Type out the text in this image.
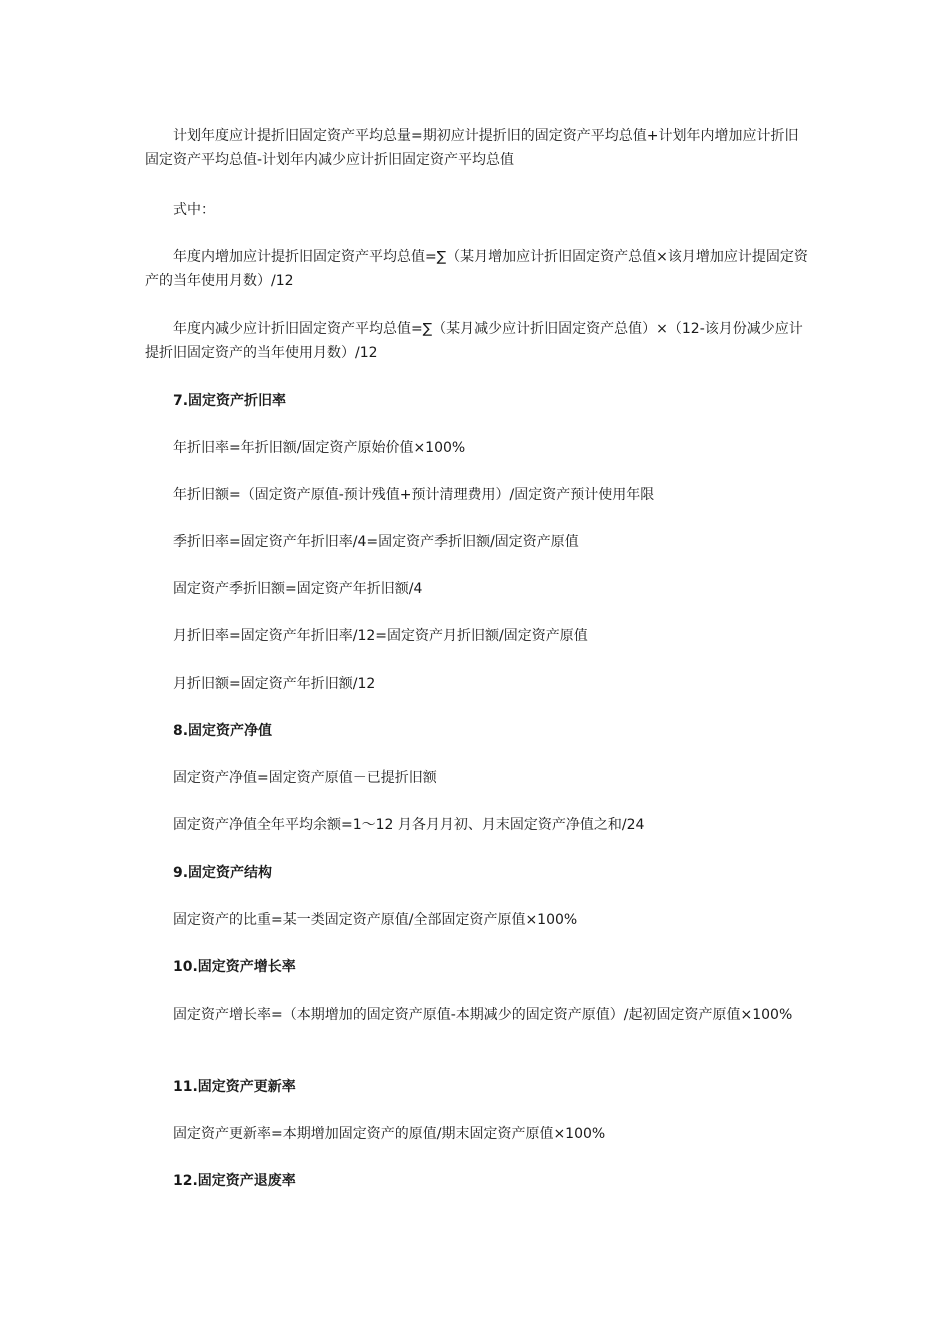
计划年度应计提折旧固定资产平均总量=期初应计提折旧的固定资产平均总值+计划年内增加应计折旧固定资产平均总值-计划年内减少应计折旧固定资产平均总值

式中：

年度内增加应计提折旧固定资产平均总值=∑（某月增加应计折旧固定资产总值×该月增加应计提固定资产的当年使用月数）/12

年度内减少应计折旧固定资产平均总值=∑（某月减少应计折旧固定资产总值）×（12-该月份减少应计提折旧固定资产的当年使用月数）/12

7.固定资产折旧率

年折旧率=年折旧额/固定资产原始价值×100%

年折旧额=（固定资产原值-预计残值+预计清理费用）/固定资产预计使用年限

季折旧率=固定资产年折旧率/4=固定资产季折旧额/固定资产原值

固定资产季折旧额=固定资产年折旧额/4

月折旧率=固定资产年折旧率/12=固定资产月折旧额/固定资产原值

月折旧额=固定资产年折旧额/12

8.固定资产净值

固定资产净值=固定资产原值－已提折旧额

固定资产净值全年平均余额=1～12 月各月月初、月末固定资产净值之和/24

9.固定资产结构

固定资产的比重=某一类固定资产原值/全部固定资产原值×100%

10.固定资产增长率

固定资产增长率=（本期增加的固定资产原值-本期减少的固定资产原值）/起初固定资产原值×100%

11.固定资产更新率

固定资产更新率=本期增加固定资产的原值/期末固定资产原值×100%

12.固定资产退废率
